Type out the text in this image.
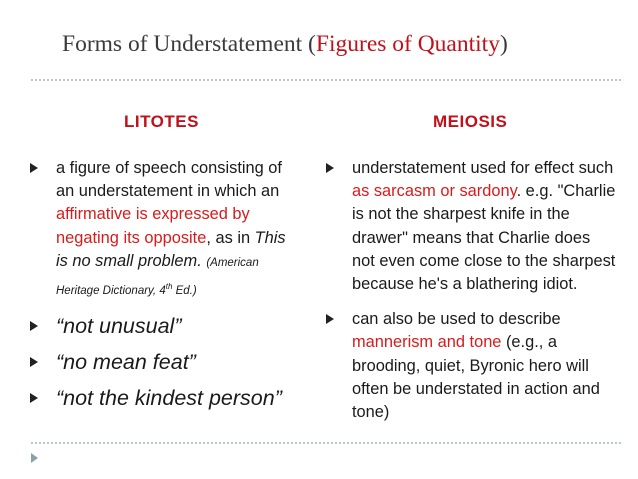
Forms of Understatement (Figures of Quantity)
LITOTES	MEIOSIS
a figure of speech consisting of an understatement in which an affirmative is expressed by negating its opposite, as in This is no small problem. (American Heritage Dictionary, 4th Ed.)
“not unusual”
“no mean feat”
“not the kindest person”
understatement used for effect such as sarcasm or sardony. e.g. "Charlie is not the sharpest knife in the drawer" means that Charlie does not even come close to the sharpest because he's a blathering idiot.
can also be used to describe mannerism and tone (e.g., a brooding, quiet, Byronic hero will often be understated in action and tone)
